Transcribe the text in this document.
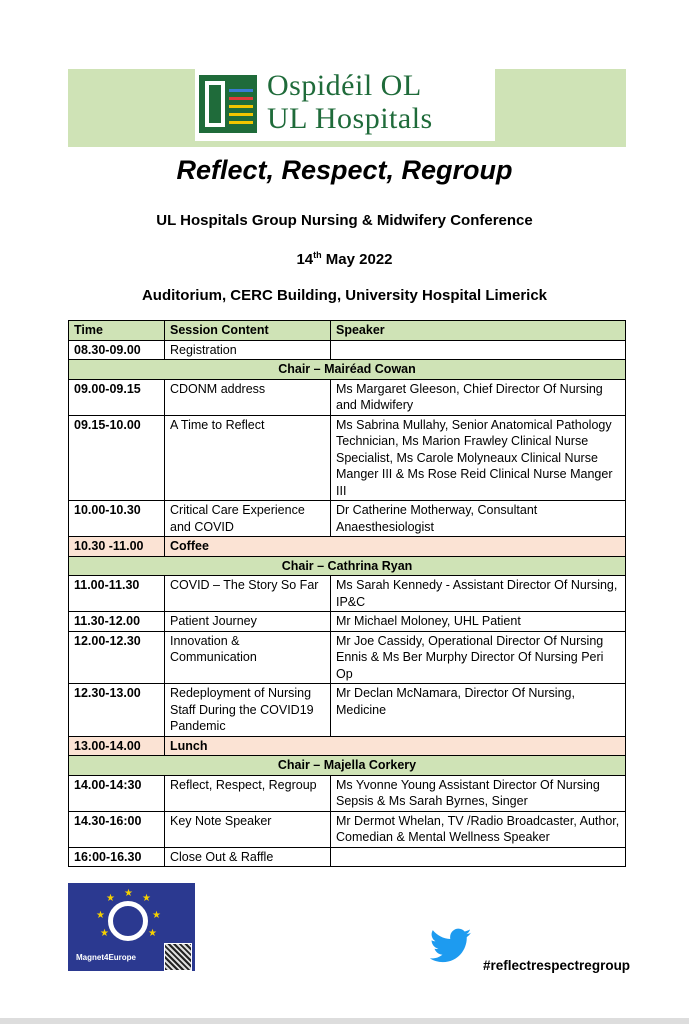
Ospidéil OL
UL Hospitals
Reflect, Respect, Regroup
UL Hospitals Group Nursing & Midwifery Conference
14th May 2022
Auditorium, CERC Building, University Hospital Limerick
Time	Session Content	Speaker
08.30-09.00	Registration	
Chair – Mairéad Cowan		
09.00-09.15	CDONM address	Ms Margaret Gleeson, Chief Director Of Nursing and Midwifery
09.15-10.00	A Time to Reflect	Ms Sabrina Mullahy, Senior Anatomical Pathology Technician, Ms Marion Frawley Clinical Nurse Specialist, Ms Carole Molyneaux Clinical Nurse Manger III & Ms Rose Reid Clinical Nurse Manger III
10.00-10.30	Critical Care Experience and COVID	Dr Catherine Motherway, Consultant Anaesthesiologist
10.30 -11.00	Coffee	
Chair – Cathrina Ryan		
11.00-11.30	COVID – The Story So Far	Ms Sarah Kennedy - Assistant Director Of Nursing, IP&C
11.30-12.00	Patient Journey	Mr Michael Moloney, UHL Patient
12.00-12.30	Innovation & Communication	Mr Joe Cassidy, Operational Director Of Nursing Ennis & Ms Ber Murphy Director Of Nursing Peri Op
12.30-13.00	Redeployment of Nursing Staff During the COVID19 Pandemic	Mr Declan McNamara, Director Of Nursing, Medicine
13.00-14.00	Lunch	
Chair – Majella Corkery		
14.00-14:30	Reflect, Respect, Regroup	Ms Yvonne Young Assistant Director Of Nursing Sepsis & Ms Sarah Byrnes, Singer
14.30-16:00	Key Note Speaker	Mr Dermot Whelan, TV /Radio Broadcaster, Author, Comedian & Mental Wellness Speaker
16:00-16.30	Close Out & Raffle	
★ ★
★
★
★
★
★
Magnet4Europe
#reflectrespectregroup
